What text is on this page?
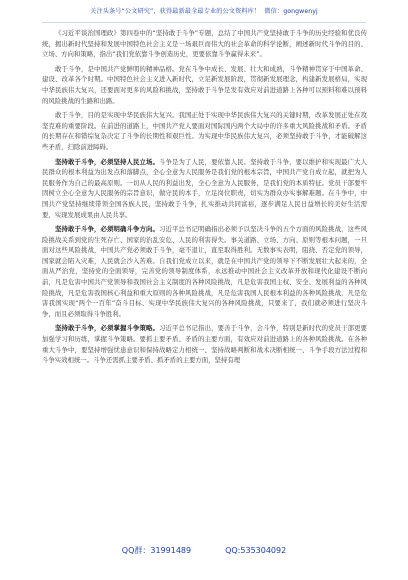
关注头条号“公文研究”，获得最新最全最专业的公文资料库！ 微信：gongwenyj

《习近平谈治国理政》第四卷中的“坚持敢于斗争”专题，总结了中国共产党坚持敢于斗争的历史经验和优良传统，揭出新时代坚持和发展中国特色社会主义是一场艰巨而伟大的社会革命的科学论断，阐述新时代斗争的目的、立场、方向和策略，指出“我们党依靠斗争创造历史，更要依靠斗争赢得未来”。

敢于斗争，是中国共产党鲜明的精神品格。党在斗争中成长、发展、壮大和成熟，斗争精神贯穿于中国革命、建设、改革各个时期。中国特色社会主义进入新时代，立足新发展阶段，贯彻新发展理念，构建新发展格局，实现中华民族伟大复兴，还要面对更多的风险和挑战，坚持敢于斗争是发有效应对前进道路上各种可以预料和难以预料的风险挑战的生路和出路。

敢于斗争，目的是实现中华民族伟大复兴。我国正处于实现中华民族伟大复兴的关键时期，改革发展正处在攻坚克难的重要阶段。在前进的道路上，中国共产党人要面对国际国内两个大局中的许多重大风险挑战和矛盾。矛盾的长期存在和错综复杂决定了斗争的长期性和艰巨性。为实现中华民族伟大复兴，必须坚持敢于斗争，才能破解这些矛盾，扫除前进障碍。

坚持敢于斗争，必须坚持人民立场。斗争是为了人民，要依靠人民。坚持敢于斗争，要以维护和实现最广大人民群众的根本利益为出发点和落脚点，全心全意为人民服务是我们党的根本宗旨，中国共产党自成立起，就把为人民服务作为自己的最高原则。一切从人民的利益出发，全心全意为人民服务，是我们党的本质特征。党员干部要牢固树立全心全意为人民服务的宗旨意识，做守民的本手，立足岗位职责，切实为群众办实事解难题。在斗争中，中国共产党坚持继续带领全国各族人民，坚持敢于斗争，扎实推动共同富裕，逐步满足人民日益增长的美好生活需要，实现发展成果由人民共享。

坚持敢于斗争，必须明确斗争方向。习近平总书记明确指出必须予以坚决斗争的五个方面的风险挑战，这些风险挑战关系到党的生死存亡、国家的治乱安危、人民的利害得失。事关道路、立场、方向、原则等根本问题，一旦面对这些风险挑战，中国共产党必须敢于斗争，毫不退让，直至取得胜利。无数事实表明，阻挠、否定党的领导，国家就会陷入灾难，人民就会沙入苦难。自我们党成立以来，就是在中国共产党的领导下不断发展壮大起来的，全面从严治党，坚持党的全面领导，完善党的领导制度体系，永远推动中国社会主义改革开放和现代化建设不断向前，凡是危害中国共产党领导和我国社会主义制度的各种风险挑战，凡是危害我国主权、安全、发展利益的各种风险挑战，凡是危害我国核心利益和重大原则的各种风险挑战，凡是危害我国人民根本利益的各种风险挑战，凡是危害我国实现“两个一百年”奋斗目标、实现中华民族伟大复兴的各种风险挑战，只要来了，我们就必须进行坚决斗争，而且必须取得斗争胜利。

坚持敢于斗争，必须掌握斗争策略。习近平总书记指出，要善于斗争，会斗争，特别是新时代的党员干部更要加强学习和历练，掌握斗争策略。要抓主要矛盾、矛盾的主要方面，有效应对前进道路上的各种风险挑战。在各种重大斗争中，要坚持增强忧患意识和保持战略定力相统一、坚持战略判断和战术决断相统一、斗争手段方法过程和斗争实效相统一。斗争还需抓主要矛盾、抓矛盾的主要方面，坚持有理

QQ群：31991489	QQ:535304092
